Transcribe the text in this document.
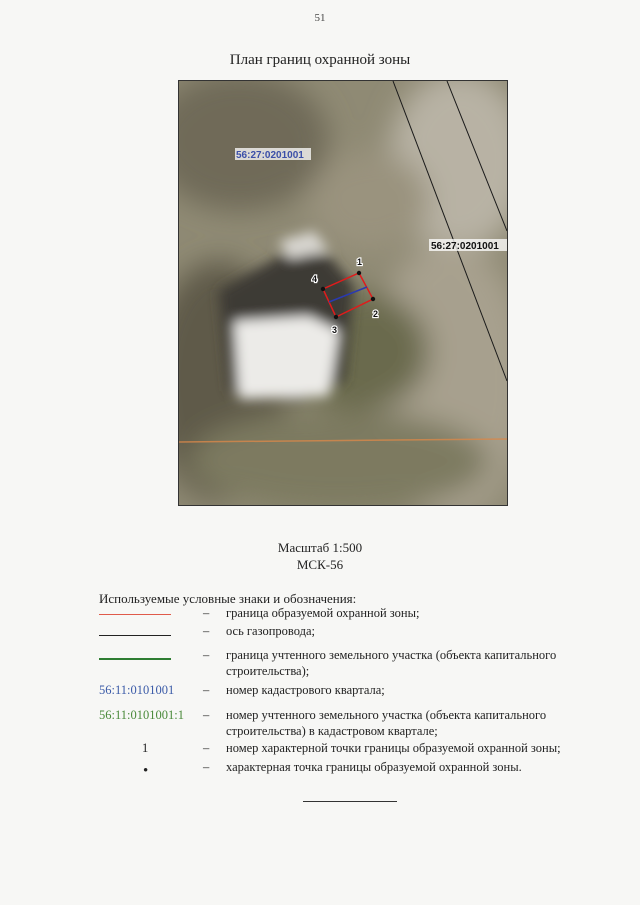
51
План границ охранной зоны
56:27:0201001
56:27:0201001
1
2
3
4
Масштаб 1:500
МСК-56
Используемые условные знаки и обозначения:
– граница образуемой охранной зоны;
– ось газопровода;
– граница учтенного земельного участка (объекта капитального строительства);
56:11:0101001	– номер кадастрового квартала;
56:11:0101001:1	– номер учтенного земельного участка (объекта капитального строительства) в кадастровом квартале;
1	– номер характерной точки границы образуемой охранной зоны;
•	– характерная точка границы образуемой охранной зоны.
